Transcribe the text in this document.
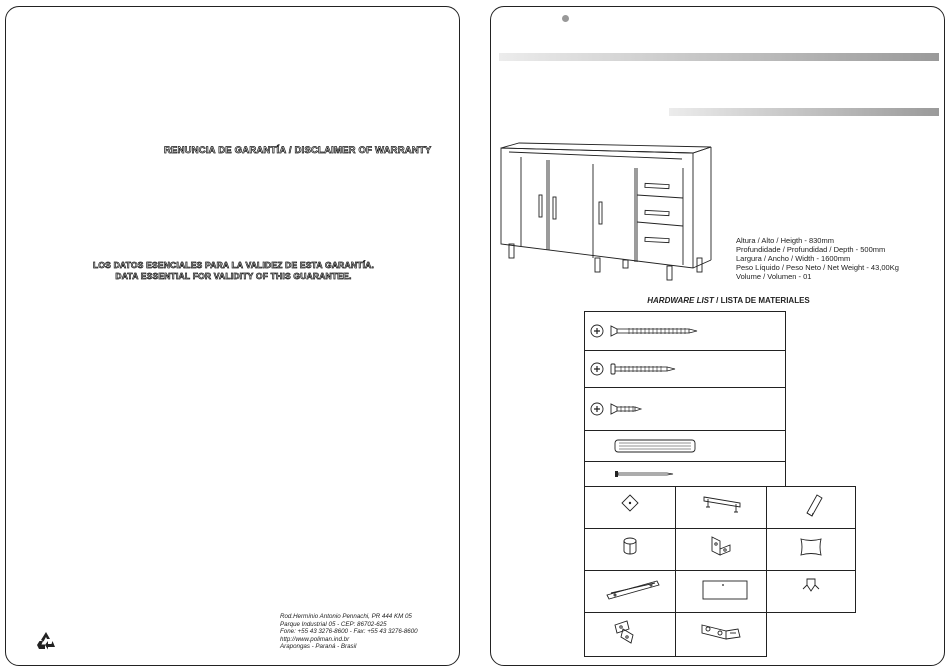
RENUNCIA DE GARANTÍA / DISCLAIMER OF WARRANTY
LOS DATOS ESENCIALES PARA LA VALIDEZ DE ESTA GARANTÍA.
DATA ESSENTIAL FOR VALIDITY OF THIS GUARANTEE.
Rod.Hermínio Antonio Pennachi, PR 444 KM 05
Parque Industrial 05 - CEP: 86702-625
Fone: +55 43 3276-8600 - Fax: +55 43 3276-8600
http://www.poliman.ind.br
Arapongas - Paraná - Brasil
Altura / Alto / Heigth - 830mm
Profundidade / Profundidad / Depth - 500mm
Largura / Ancho / Width - 1600mm
Peso Líquido / Peso Neto / Net Weight - 43,00Kg
Volume / Volumen - 01
HARDWARE LIST / LISTA DE MATERIALES
